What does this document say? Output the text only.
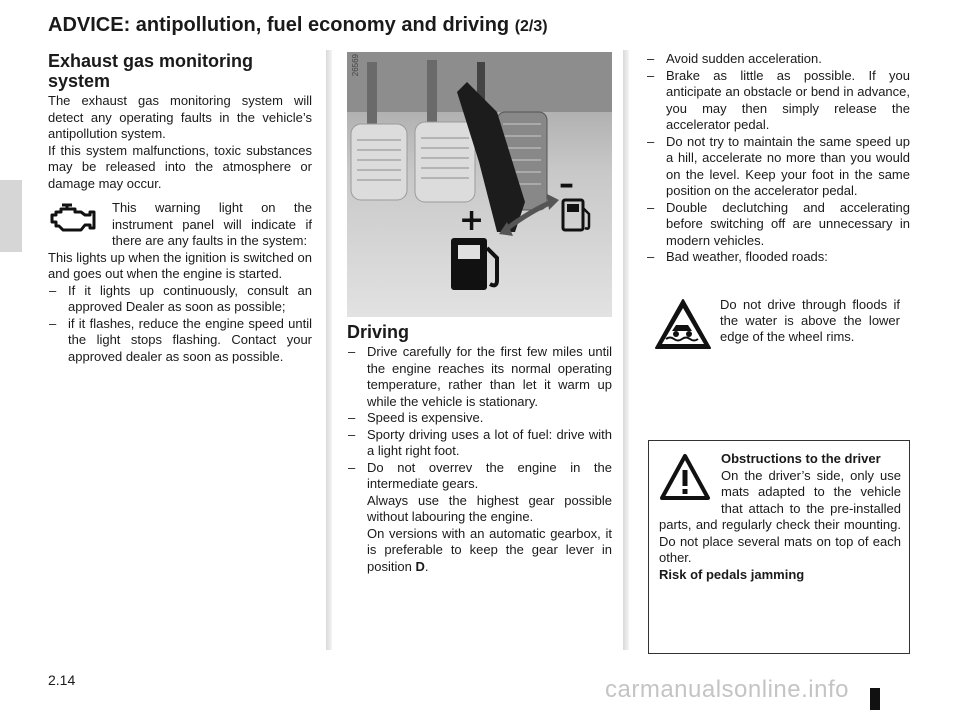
ADVICE: antipollution, fuel economy and driving (2/3)
Exhaust gas monitoring system

The exhaust gas monitoring system will detect any operating faults in the vehicle’s antipollution system.

If this system malfunctions, toxic substances may be released into the atmosphere or damage may occur.

This warning light on the instrument panel will indicate if there are any faults in the system:

This lights up when the ignition is switched on and goes out when the engine is started.

– If it lights up continuously, consult an approved Dealer as soon as possible;
– if it flashes, reduce the engine speed until the light stops flashing. Contact your approved dealer as soon as possible.
26569
+
–
Driving
– Drive carefully for the first few miles until the engine reaches its normal operating temperature, rather than let it warm up while the vehicle is stationary.
– Speed is expensive.
– Sporty driving uses a lot of fuel: drive with a light right foot.
– Do not overrev the engine in the intermediate gears.
Always use the highest gear possible without labouring the engine.
On versions with an automatic gearbox, it is preferable to keep the gear lever in position D.
– Avoid sudden acceleration.
– Brake as little as possible. If you anticipate an obstacle or bend in advance, you may then simply release the accelerator pedal.
– Do not try to maintain the same speed up a hill, accelerate no more than you would on the level. Keep your foot in the same position on the accelerator pedal.
– Double declutching and accelerating before switching off are unnecessary in modern vehicles.
– Bad weather, flooded roads:
Do not drive through floods if the water is above the lower edge of the wheel rims.
Obstructions to the driver

On the driver’s side, only use mats adapted to the vehicle that attach to the pre-installed parts, and regularly check their mounting. Do not place several mats on top of each other.

Risk of pedals jamming
2.14	carmanualsonline.info
